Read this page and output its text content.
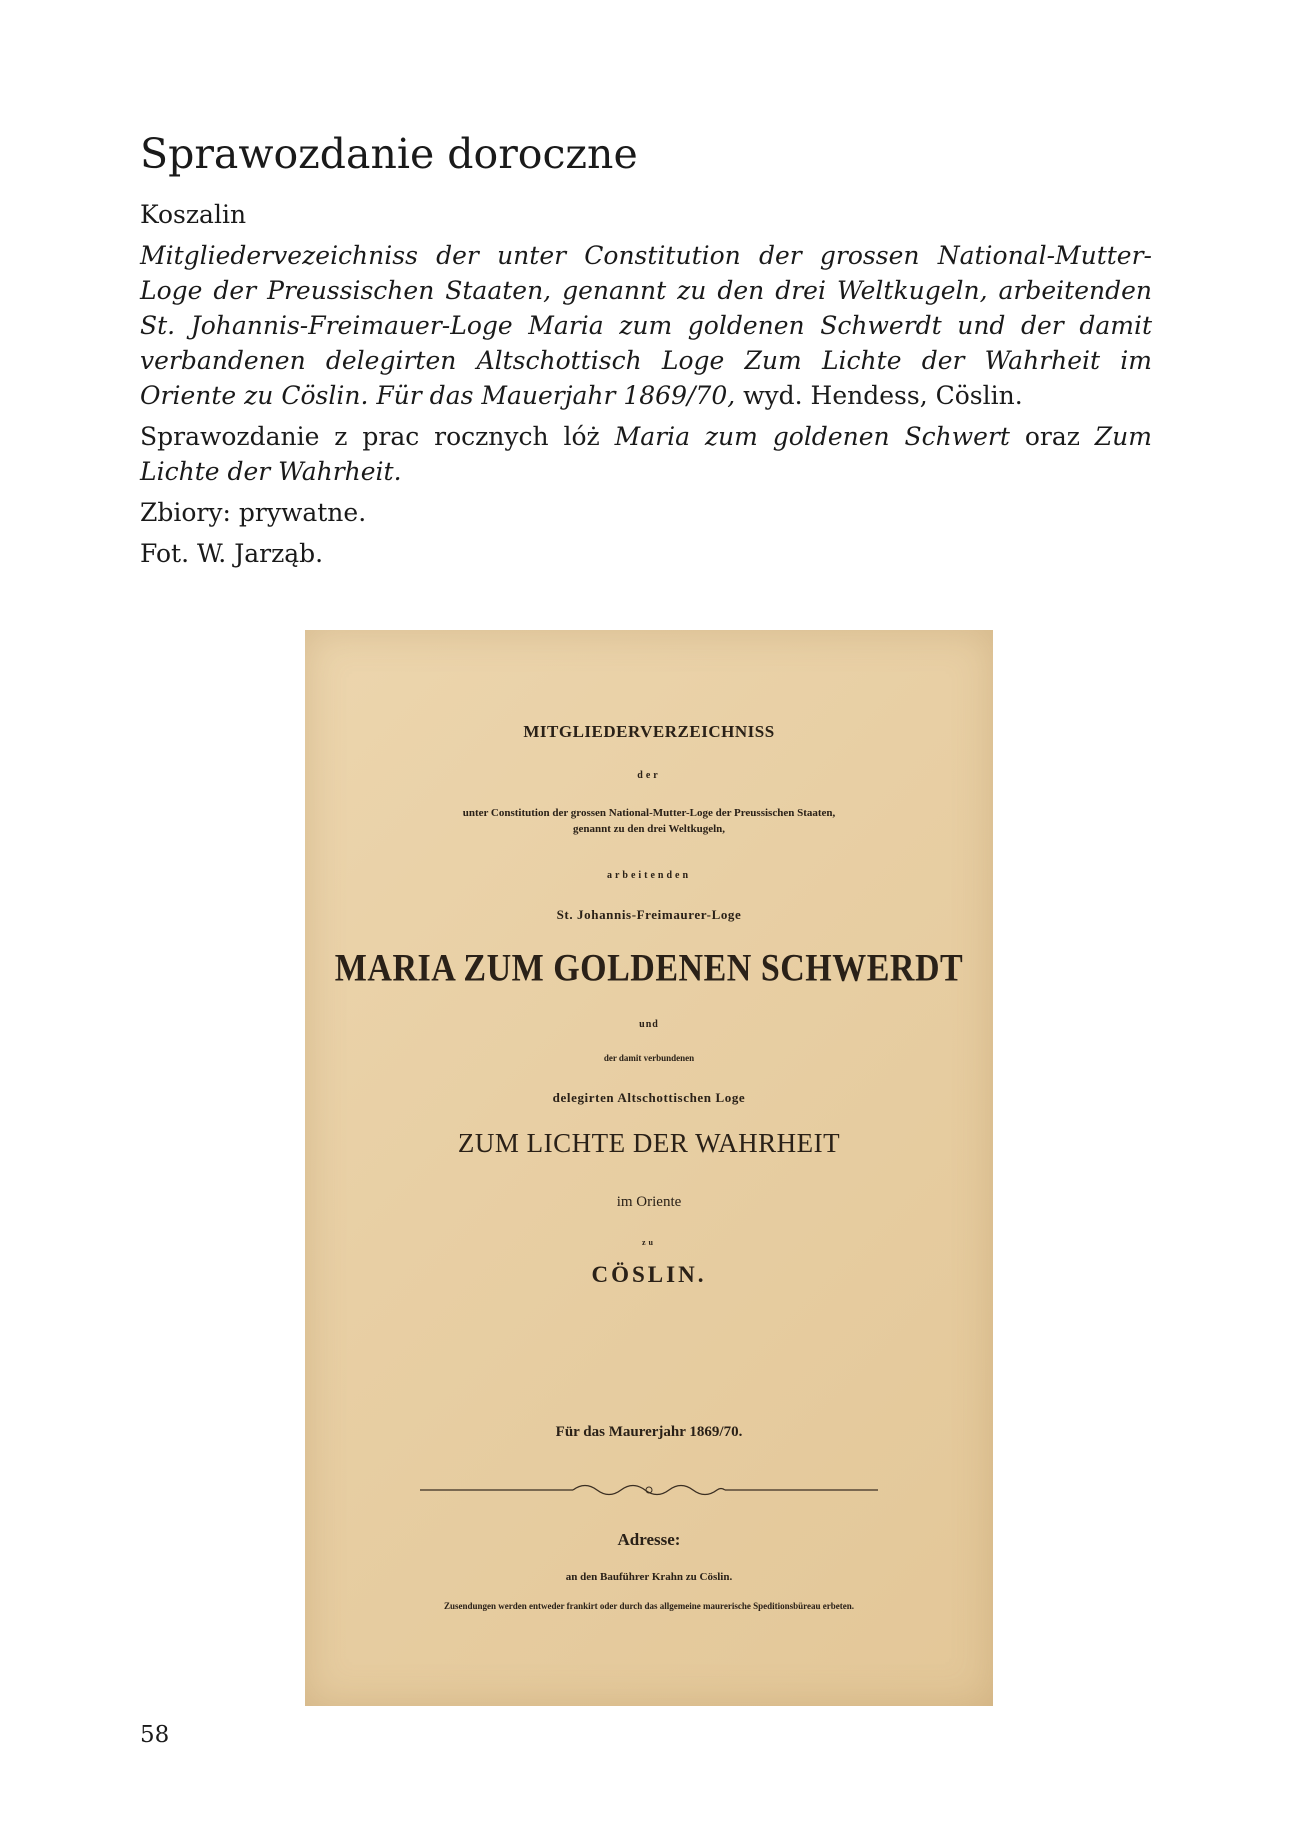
Sprawozdanie doroczne

Koszalin

Mitgliedervezeichniss der unter Constitution der grossen National-Mutter-Loge der Preussischen Staaten, genannt zu den drei Weltkugeln, arbeitenden St. Johannis-Freimauer-Loge Maria zum goldenen Schwerdt und der damit verbandenen delegirten Altschottisch Loge Zum Lichte der Wahrheit im Oriente zu Cöslin. Für das Mauerjahr 1869/70, wyd. Hendess, Cöslin.

Sprawozdanie z prac rocznych lóż Maria zum goldenen Schwert oraz Zum Lichte der Wahrheit.

Zbiory: prywatne.

Fot. W. Jarząb.

MITGLIEDERVERZEICHNISS
der
unter Constitution der grossen National-Mutter-Loge der Preussischen Staaten,
genannt zu den drei Weltkugeln,
arbeitenden
St. Johannis-Freimaurer-Loge
MARIA ZUM GOLDENEN SCHWERDT
und
der damit verbundenen
delegirten Altschottischen Loge
ZUM LICHTE DER WAHRHEIT
im Oriente
zu
CÖSLIN.
Für das Maurerjahr 1869/70.
Adresse:
an den Bauführer Krahn zu Cöslin.
Zusendungen werden entweder frankirt oder durch das allgemeine maurerische Speditionsbüreau erbeten.
58
